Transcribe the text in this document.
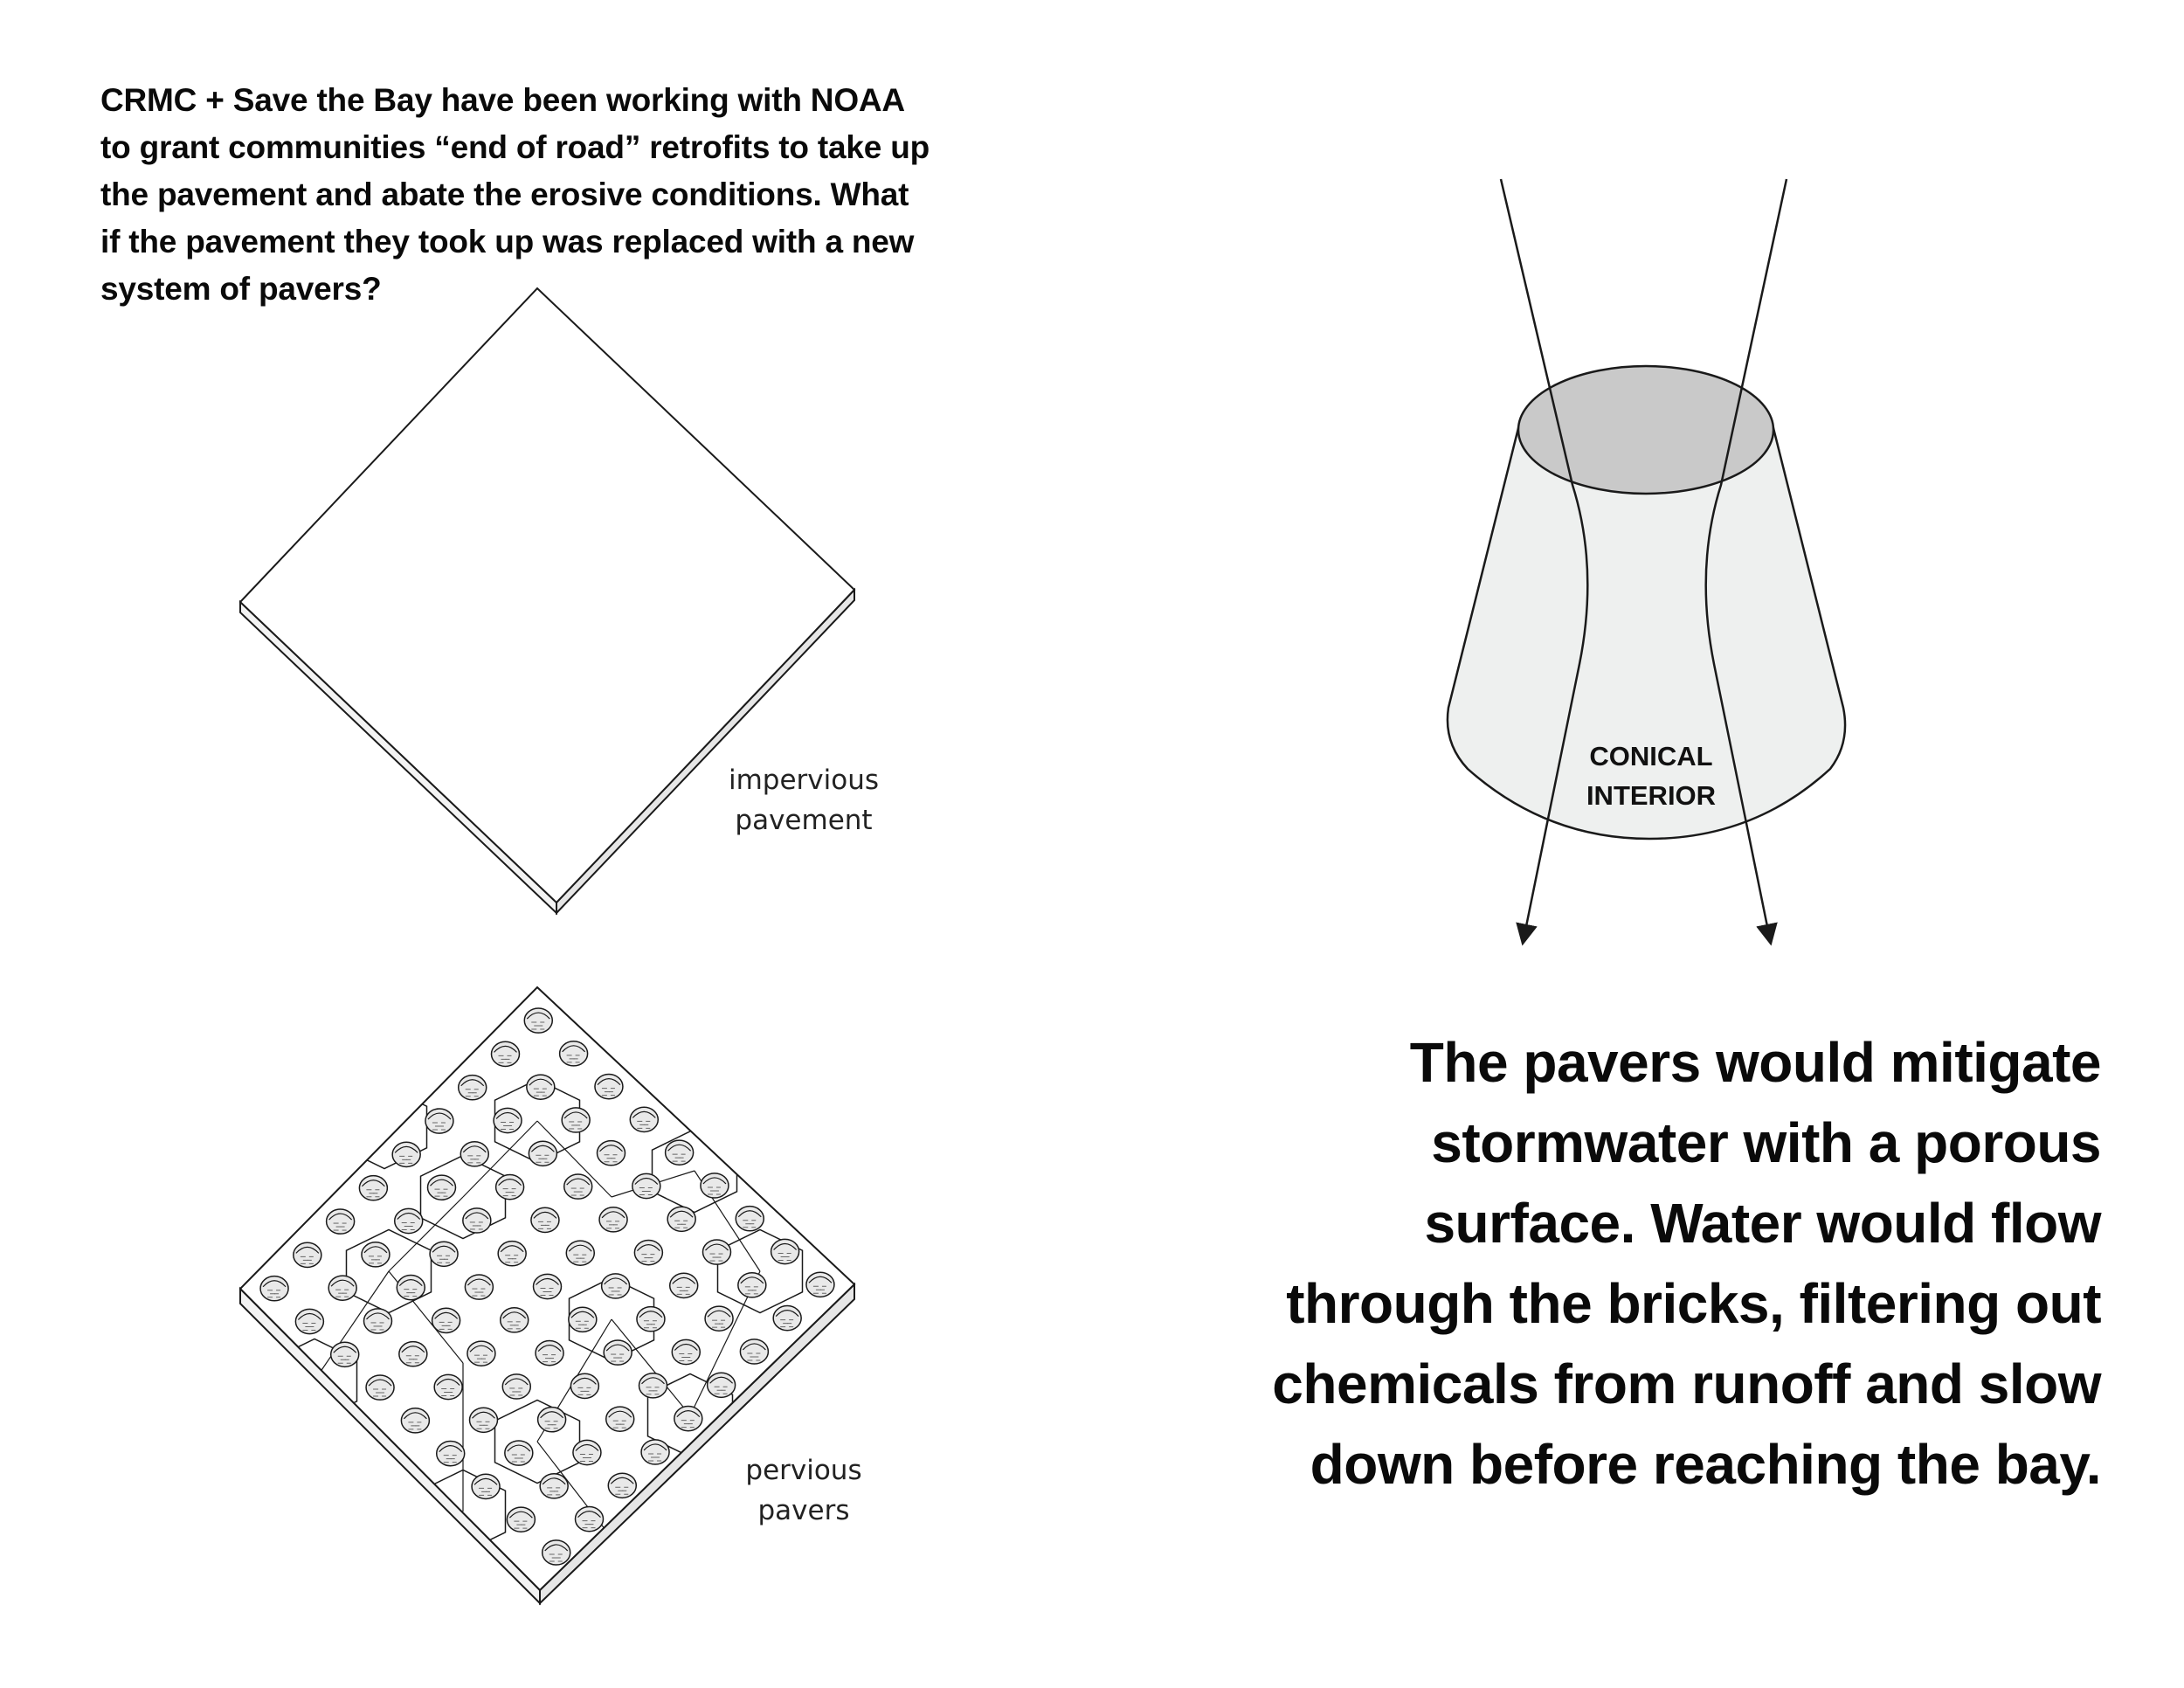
CRMC + Save the Bay have been working with NOAA
to grant communities “end of road” retrofits to take up
the pavement and abate the erosive conditions. What
if the pavement they took up was replaced with a new
system of pavers?
impervious
pavement
pervious
pavers
CONICAL
INTERIOR
The pavers would mitigate
stormwater with a porous
surface. Water would flow
through the bricks, filtering out
chemicals from runoff and slow
down before reaching the bay.
